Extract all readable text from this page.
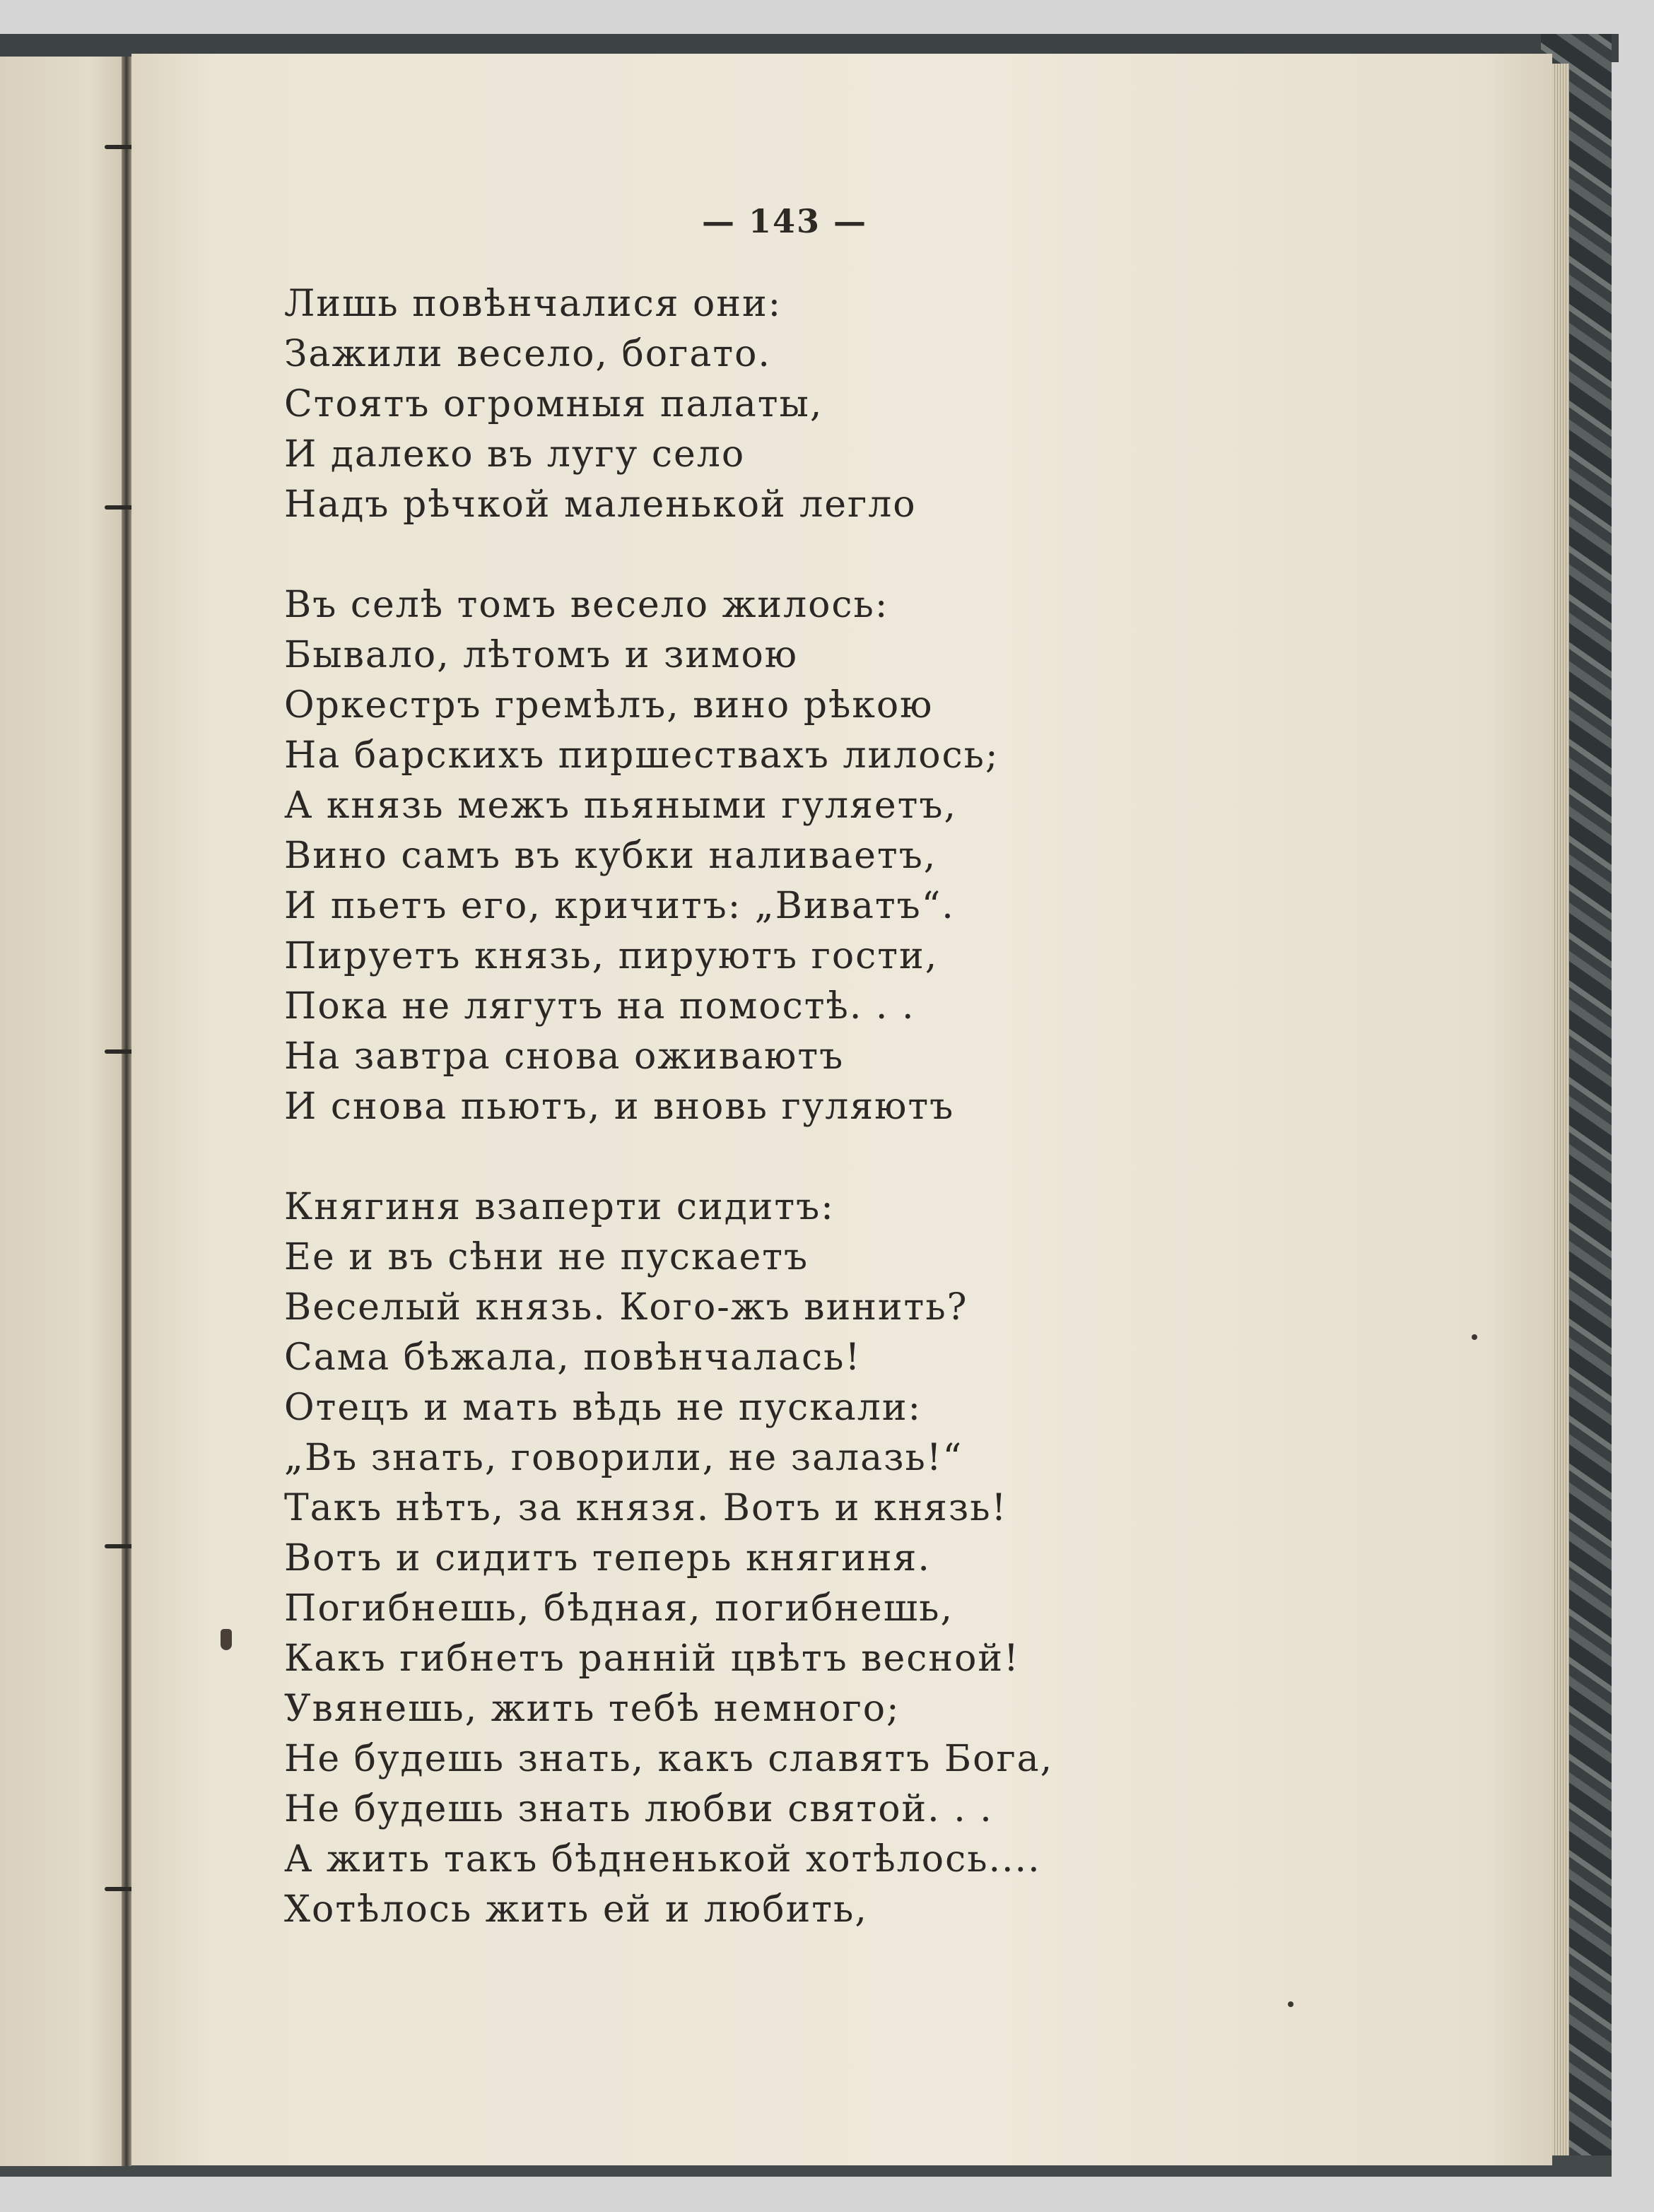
— 143 —
Лишь повѣнчалися они:
Зажили весело, богато.
Стоятъ огромныя палаты,
И далеко въ лугу село
Надъ рѣчкой маленькой легло
Въ селѣ томъ весело жилось:
Бывало, лѣтомъ и зимою
Оркестръ гремѣлъ, вино рѣкою
На барскихъ пиршествахъ лилось;
А князь межъ пьяными гуляетъ,
Вино самъ въ кубки наливаетъ,
И пьетъ его, кричитъ: „Виватъ“.
Пируетъ князь, пируютъ гости,
Пока не лягутъ на помостѣ. . .
На завтра снова оживаютъ
И снова пьютъ, и вновь гуляютъ
Княгиня взаперти сидитъ:
Ее и въ сѣни не пускаетъ
Веселый князь. Кого-жъ винить?
Сама бѣжала, повѣнчалась!
Отецъ и мать вѣдь не пускали:
„Въ знать, говорили, не залазь!“
Такъ нѣтъ, за князя. Вотъ и князь!
Вотъ и сидитъ теперь княгиня.
Погибнешь, бѣдная, погибнешь,
Какъ гибнетъ раннiй цвѣтъ весной!
Увянешь, жить тебѣ немного;
Не будешь знать, какъ славятъ Бога,
Не будешь знать любви святой. . .
А жить такъ бѣдненькой хотѣлось....
Хотѣлось жить ей и любить,
